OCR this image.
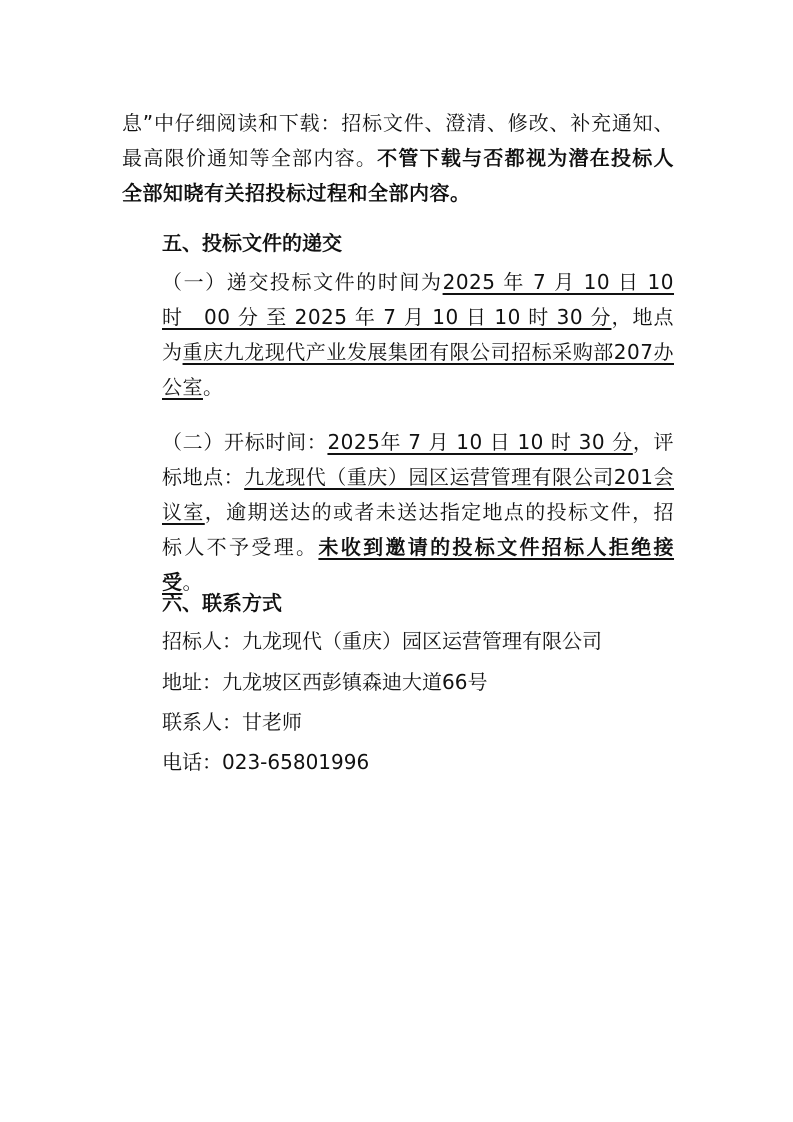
息”中仔细阅读和下载：招标文件、澄清、修改、补充通知、最高限价通知等全部内容。不管下载与否都视为潜在投标人全部知晓有关招投标过程和全部内容。

五、投标文件的递交

（一）递交投标文件的时间为2025 年 7 月 10 日 10 时　00 分 至 2025 年 7 月 10 日 10 时 30 分，地点为重庆九龙现代产业发展集团有限公司招标采购部207办公室。

（二）开标时间：2025年 7 月 10 日 10 时 30 分，评标地点：九龙现代（重庆）园区运营管理有限公司201会议室，逾期送达的或者未送达指定地点的投标文件，招标人不予受理。未收到邀请的投标文件招标人拒绝接受。

六、联系方式

招标人：九龙现代（重庆）园区运营管理有限公司

地址：九龙坡区西彭镇森迪大道66号

联系人：甘老师

电话：023-65801996
